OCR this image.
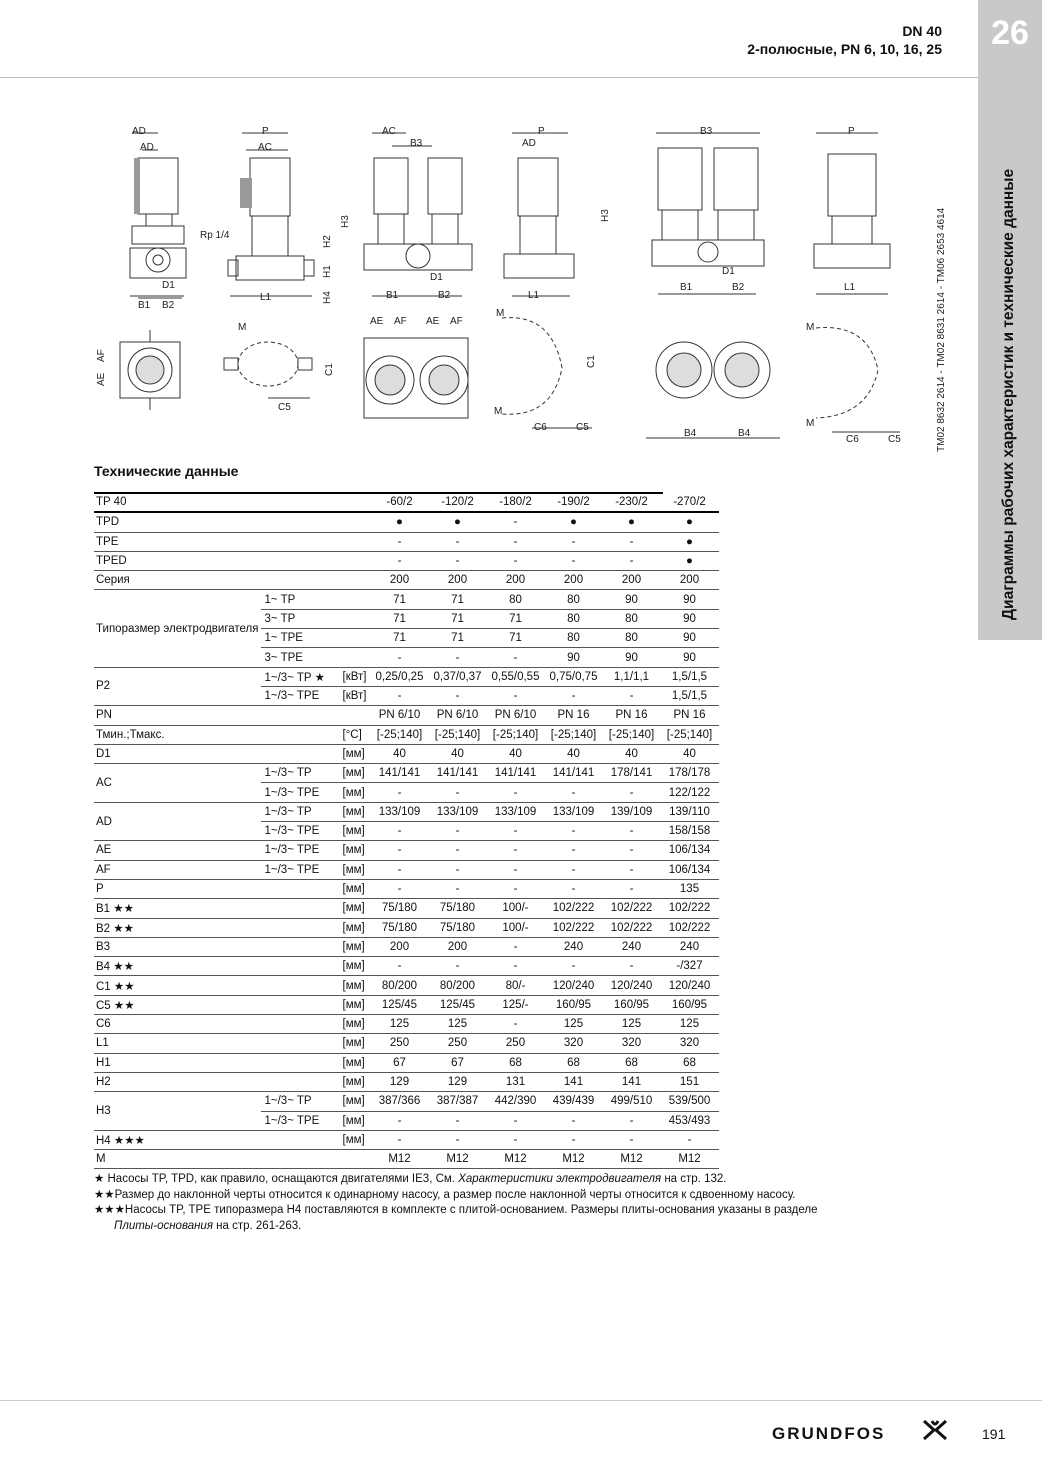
DN 40
2-полюсные, PN 6, 10, 16, 25	26
Диаграммы рабочих характеристик и технические данные
TM02 8632 2614 - TM02 8631 2614 - TM06 2653 4614
AD
AD
D1
B1 B2
P
AC
Rp 1/4
L1
H2
H1
H4
H3
AC
B3
D1
B1	B2
P
AD
L1
H3
B3
D1
B1	B2
P
L1
AE
AF
M
C5
C1
AE AF AE AF
M
M
C6	C5
C1
B4	B4
M
M
C6	C5
Технические данные
TP 40			-60/2	-120/2	-180/2	-190/2	-230/2	-270/2
TPD			●	●	-	●	●	●
TPE			-	-	-	-	-	●
TPED			-	-	-	-	-	●
Серия			200	200	200	200	200	200
Типоразмер электродвигателя	1~ TP		71	71	80	80	90	90
	3~ TP		71	71	71	80	80	90
	1~ TPE		71	71	71	80	80	90
	3~ TPE		-	-	-	90	90	90
P2	1~/3~ TP ★	[кВт]	0,25/0,25	0,37/0,37	0,55/0,55	0,75/0,75	1,1/1,1	1,5/1,5
	1~/3~ TPE	[кВт]	-	-	-	-	-	1,5/1,5
PN			PN 6/10	PN 6/10	PN 6/10	PN 16	PN 16	PN 16
Тмин.;Тмакс.		[°C]	[-25;140]	[-25;140]	[-25;140]	[-25;140]	[-25;140]	[-25;140]
D1		[мм]	40	40	40	40	40	40
AC	1~/3~ TP	[мм]	141/141	141/141	141/141	141/141	178/141	178/178
	1~/3~ TPE	[мм]	-	-	-	-	-	122/122
AD	1~/3~ TP	[мм]	133/109	133/109	133/109	133/109	139/109	139/110
	1~/3~ TPE	[мм]	-	-	-	-	-	158/158
AE	1~/3~ TPE	[мм]	-	-	-	-	-	106/134
AF	1~/3~ TPE	[мм]	-	-	-	-	-	106/134
P		[мм]	-	-	-	-	-	135
B1 ★★		[мм]	75/180	75/180	100/-	102/222	102/222	102/222
B2 ★★		[мм]	75/180	75/180	100/-	102/222	102/222	102/222
B3		[мм]	200	200	-	240	240	240
B4 ★★		[мм]	-	-	-	-	-	-/327
C1 ★★		[мм]	80/200	80/200	80/-	120/240	120/240	120/240
C5 ★★		[мм]	125/45	125/45	125/-	160/95	160/95	160/95
C6		[мм]	125	125	-	125	125	125
L1		[мм]	250	250	250	320	320	320
H1		[мм]	67	67	68	68	68	68
H2		[мм]	129	129	131	141	141	151
H3	1~/3~ TP	[мм]	387/366	387/387	442/390	439/439	499/510	539/500
	1~/3~ TPE	[мм]	-	-	-	-	-	453/493
H4 ★★★		[мм]	-	-	-	-	-	-
M			M12	M12	M12	M12	M12	M12
★ Насосы TP, TPD, как правило, оснащаются двигателями IE3, См. Характеристики электродвигателя на стр. 132.
★★Размер до наклонной черты относится к одинарному насосу, а размер после наклонной черты относится к сдвоенному насосу.
★★★Насосы TP, TPE типоразмера H4 поставляются в комплекте с плитой-основанием. Размеры плиты-основания указаны в разделе
Плиты-основания на стр. 261-263.
GRUNDFOS	191
